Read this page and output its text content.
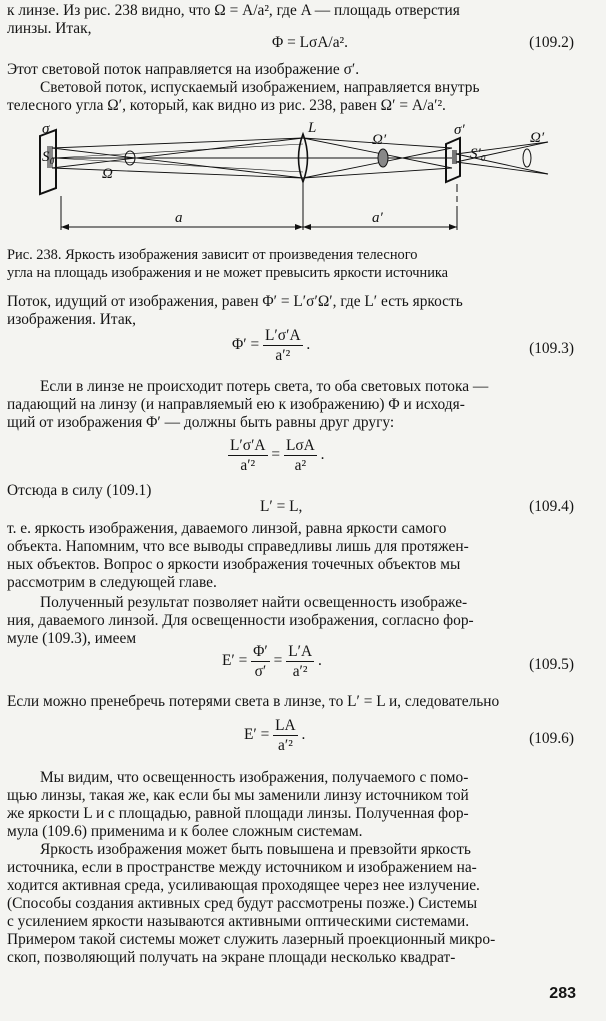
к линзе. Из рис. 238 видно, что Ω = A/a², где A — площадь отверстия
линзы. Итак,
Φ = LσA/a².	(109.2)
Этот световой поток направляется на изображение σ′.
Световой поток, испускаемый изображением, направляется внутрь
телесного угла Ω′, который, как видно из рис. 238, равен Ω′ = A/a′².
σ
S₀
Ω
L
Ω′
σ′
S′₀
Ω′
a	a′
Рис. 238. Яркость изображения зависит от произведения телесного
угла на площадь изображения и не может превысить яркости источника
Поток, идущий от изображения, равен Φ′ = L′σ′Ω′, где L′ есть яркость
изображения. Итак,
$\Phi' = \frac{L'\sigma'A}{\text{a′²}}$ .	(109.3)
Если в линзе не происходит потерь света, то оба световых потока —
падающий на линзу (и направляемый ею к изображению) Φ и исходя-
щий от изображения Φ′ — должны быть равны друг другу:
$\frac{L'\sigma'A}{\text{a′²}} = \frac{\text{LσA}}{\text{a²}}$ .
Отсюда в силу (109.1)
L′ = L,	(109.4)
т. е. яркость изображения, даваемого линзой, равна яркости самого
объекта. Напомним, что все выводы справедливы лишь для протяжен-
ных объектов. Вопрос о яркости изображения точечных объектов мы
рассмотрим в следующей главе.
Полученный результат позволяет найти освещенность изображе-
ния, даваемого линзой. Для освещенности изображения, согласно фор-
муле (109.3), имеем
$E' = \frac{\Phi'}{\sigma'} = \frac{L'A}{\text{a′²}}$ .	(109.5)
Если можно пренебречь потерями света в линзе, то L′ = L и, следовательно
$E' = \frac{LA}{\text{a′²}}$ .	(109.6)
Мы видим, что освещенность изображения, получаемого с помо-
щью линзы, такая же, как если бы мы заменили линзу источником той
же яркости L и с площадью, равной площади линзы. Полученная фор-
мула (109.6) применима и к более сложным системам.
Яркость изображения может быть повышена и превзойти яркость
источника, если в пространстве между источником и изображением на-
ходится активная среда, усиливающая проходящее через нее излучение.
(Способы создания активных сред будут рассмотрены позже.) Системы
с усилением яркости называются активными оптическими системами.
Примером такой системы может служить лазерный проекционный микро-
скоп, позволяющий получать на экране площади несколько квадрат-
283
